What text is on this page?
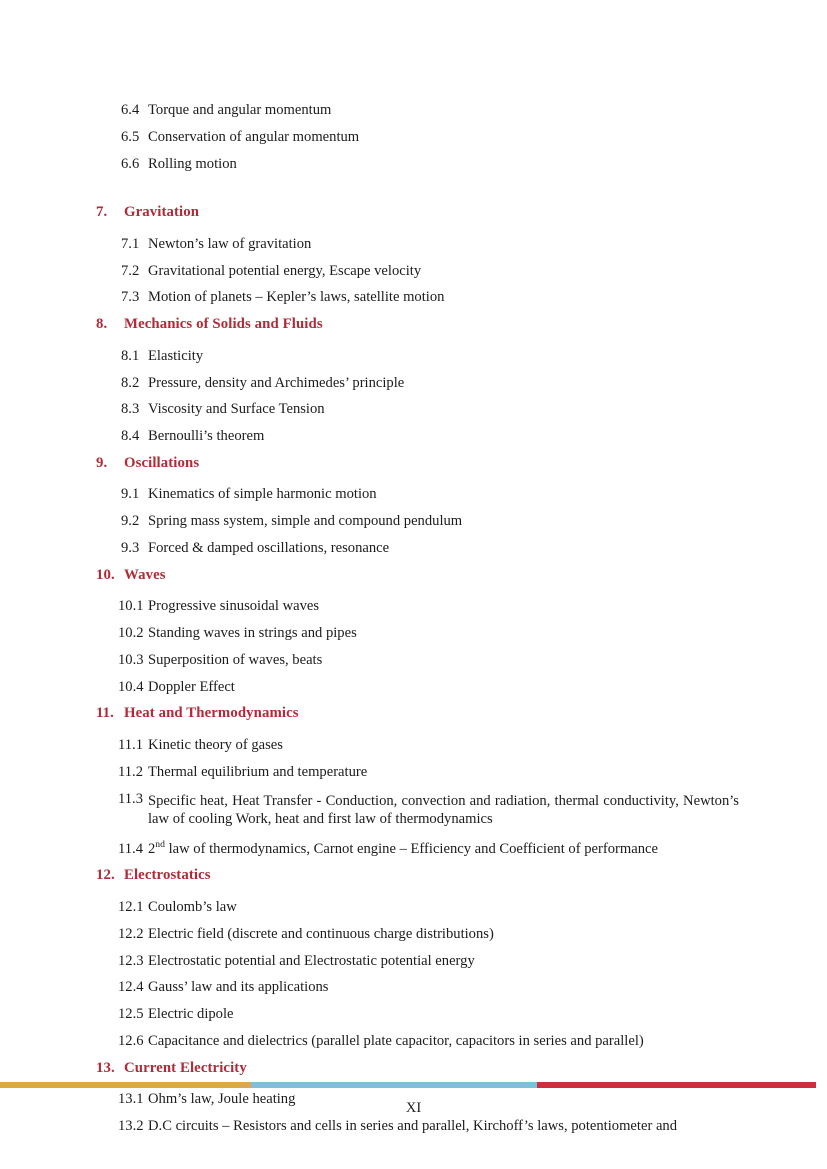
6.4 Torque and angular momentum
6.5 Conservation of angular momentum
6.6 Rolling motion
7.	Gravitation
7.1 Newton’s law of gravitation
7.2 Gravitational potential energy, Escape velocity
7.3 Motion of planets – Kepler’s laws, satellite motion
8.	Mechanics of Solids and Fluids
8.1 Elasticity
8.2 Pressure, density and Archimedes’ principle
8.3 Viscosity and Surface Tension
8.4 Bernoulli’s theorem
9.	Oscillations
9.1 Kinematics of simple harmonic motion
9.2 Spring mass system, simple and compound pendulum
9.3 Forced & damped oscillations, resonance
10. Waves
10.1 Progressive sinusoidal waves
10.2 Standing waves in strings and pipes
10.3 Superposition of waves, beats
10.4 Doppler Effect
11. Heat and Thermodynamics
11.1 Kinetic theory of gases
11.2 Thermal equilibrium and temperature
11.3 Specific heat, Heat Transfer - Conduction, convection and radiation, thermal conductivity, Newton’s law of cooling Work, heat and first law of thermodynamics
11.4 2nd law of thermodynamics, Carnot engine – Efficiency and Coefficient of performance
12. Electrostatics
12.1 Coulomb’s law
12.2 Electric field (discrete and continuous charge distributions)
12.3 Electrostatic potential and Electrostatic potential energy
12.4 Gauss’ law and its applications
12.5 Electric dipole
12.6 Capacitance and dielectrics (parallel plate capacitor, capacitors in series and parallel)
13. Current Electricity
13.1 Ohm’s law, Joule heating
13.2 D.C circuits – Resistors and cells in series and parallel, Kirchoff’s laws, potentiometer and
XI
